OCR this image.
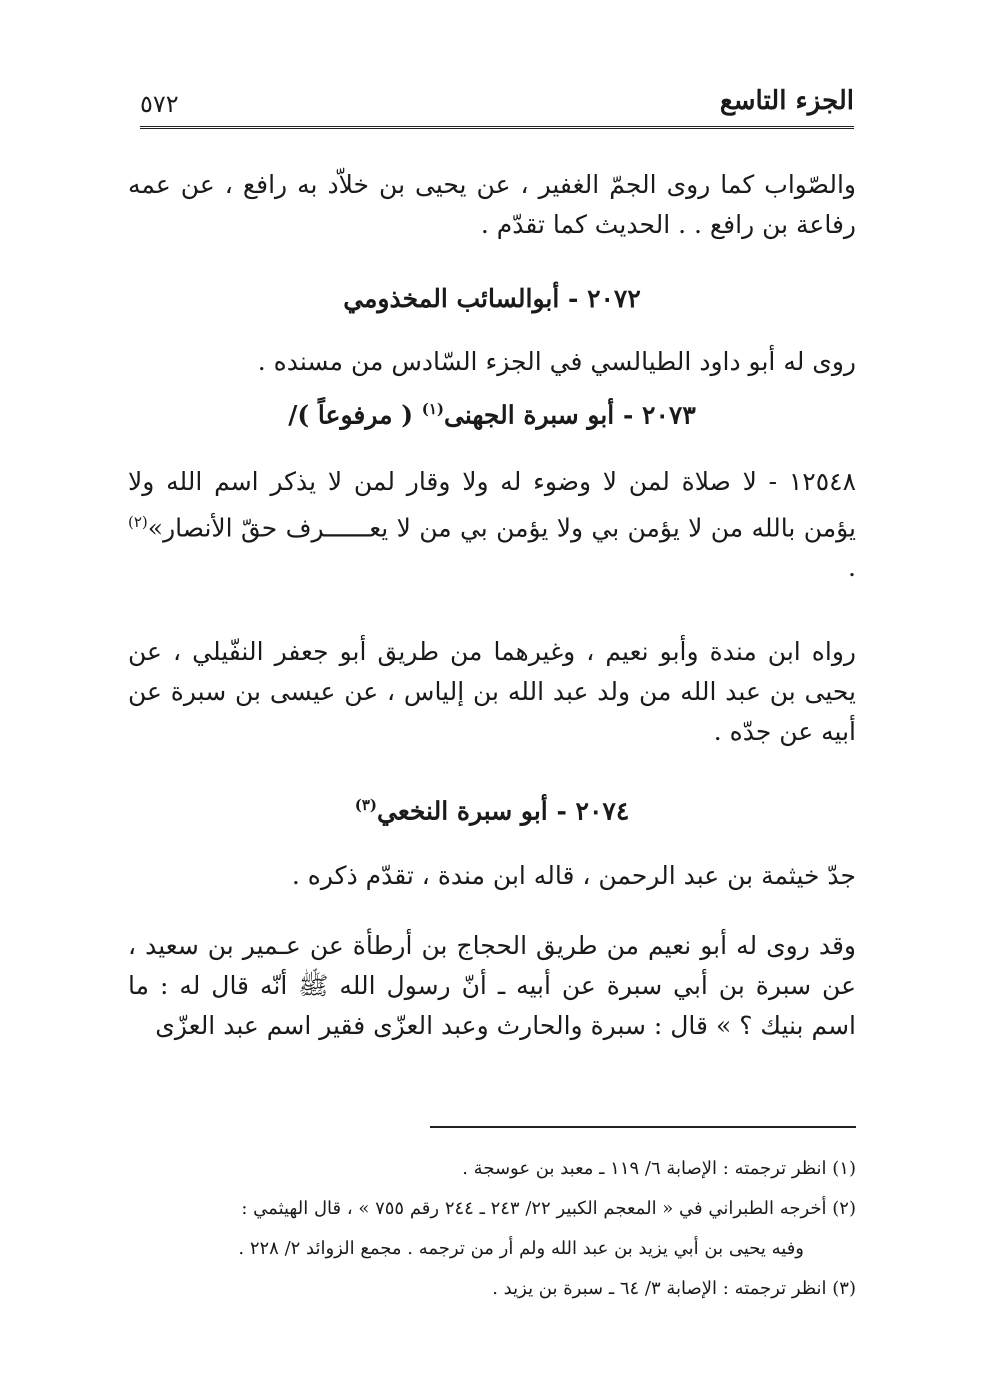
الجزء التاسع
٥٧٢
والصّواب كما روى الجمّ الغفير ، عن يحيى بن خلاّد به رافع ، عن عمه رفاعة بن رافع . . الحديث كما تقدّم .
٢٠٧٢ - أبوالسائب المخذومي
روى له أبو داود الطيالسي في الجزء السّادس من مسنده .
٢٠٧٣ - أبو سبرة الجهنى$^{(١)}$ ( مرفوعاً )/
١٢٥٤٨ - لا صلاة لمن لا وضوء له ولا وقار لمن لا يذكر اسم الله ولا يؤمن بالله من لا يؤمن بي ولا يؤمن بي من لا يعــــــرف حقّ الأنصار»$^{(٢)}$ .
رواه ابن مندة وأبو نعيم ، وغيرهما من طريق أبو جعفر النفّيلي ، عن يحيى بن عبد الله من ولد عبد الله بن إلياس ، عن عيسى بن سبرة عن أبيه عن جدّه .
٢٠٧٤ - أبو سبرة النخعي$^{(٣)}$
جدّ خيثمة بن عبد الرحمن ، قاله ابن مندة ، تقدّم ذكره .
وقد روى له أبو نعيم من طريق الحجاج بن أرطأة عن عـمير بن سعيد ، عن سبرة بن أبي سبرة عن أبيه ـ أنّ رسول الله ﷺ أنّه قال له : ما اسم بنيك ؟ » قال : سبرة والحارث وعبد العزّى فقير اسم عبد العزّى
(١) انظر ترجمته : الإصابة ٦/ ١١٩ ـ معبد بن عوسجة .
(٢) أخرجه الطبراني في « المعجم الكبير ٢٢/ ٢٤٣ ـ ٢٤٤ رقم ٧٥٥ » ، قال الهيثمي :
وفيه يحيى بن أبي يزيد بن عبد الله ولم أر من ترجمه . مجمع الزوائد ٢/ ٢٢٨ .
(٣) انظر ترجمته : الإصابة ٣/ ٦٤ ـ سبرة بن يزيد .
